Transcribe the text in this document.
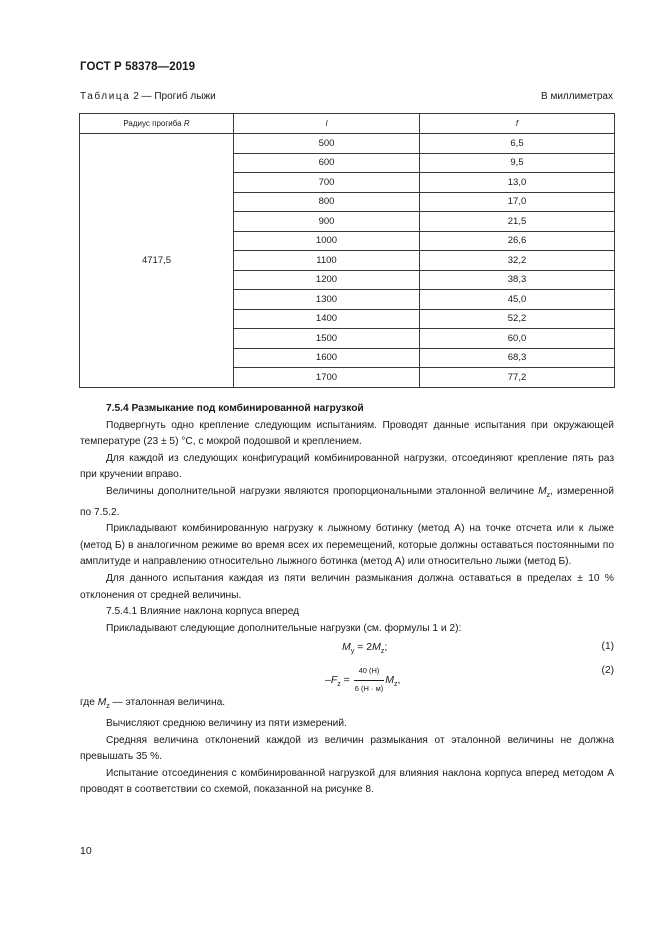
ГОСТ Р 58378—2019
Таблица 2 — Прогиб лыжи	В миллиметрах
Радиус прогиба R	l	f
4717,5	500	6,5
	600	9,5
	700	13,0
	800	17,0
	900	21,5
	1000	26,6
	1100	32,2
	1200	38,3
	1300	45,0
	1400	52,2
	1500	60,0
	1600	68,3
	1700	77,2

7.5.4 Размыкание под комбинированной нагрузкой

Подвергнуть одно крепление следующим испытаниям. Проводят данные испытания при окружающей температуре (23 ± 5) °С, с мокрой подошвой и креплением.

Для каждой из следующих конфигураций комбинированной нагрузки, отсоединяют крепление пять раз при кручении вправо.

Величины дополнительной нагрузки являются пропорциональными эталонной величине $M_z$, измеренной по 7.5.2.

Прикладывают комбинированную нагрузку к лыжному ботинку (метод А) на точке отсчета или к лыже (метод Б) в аналогичном режиме во время всех их перемещений, которые должны оставаться постоянными по амплитуде и направлению относительно лыжного ботинка (метод А) или относительно лыжи (метод Б).

Для данного испытания каждая из пяти величин размыкания должна оставаться в пределах ± 10 % отклонения от средней величины.

7.5.4.1 Влияние наклона корпуса вперед

Прикладывают следующие дополнительные нагрузки (см. формулы 1 и 2):

$M_y = 2M_z$;	(1)
$-F_z = \frac{40 (Н)}{6 (Н \cdot м)} M_z$,
(2)

где $M_z$ — эталонная величина.

Вычисляют среднюю величину из пяти измерений.

Средняя величина отклонений каждой из величин размыкания от эталонной величины не должна превышать 35 %.

Испытание отсоединения с комбинированной нагрузкой для влияния наклона корпуса вперед методом А проводят в соответствии со схемой, показанной на рисунке 8.

10
